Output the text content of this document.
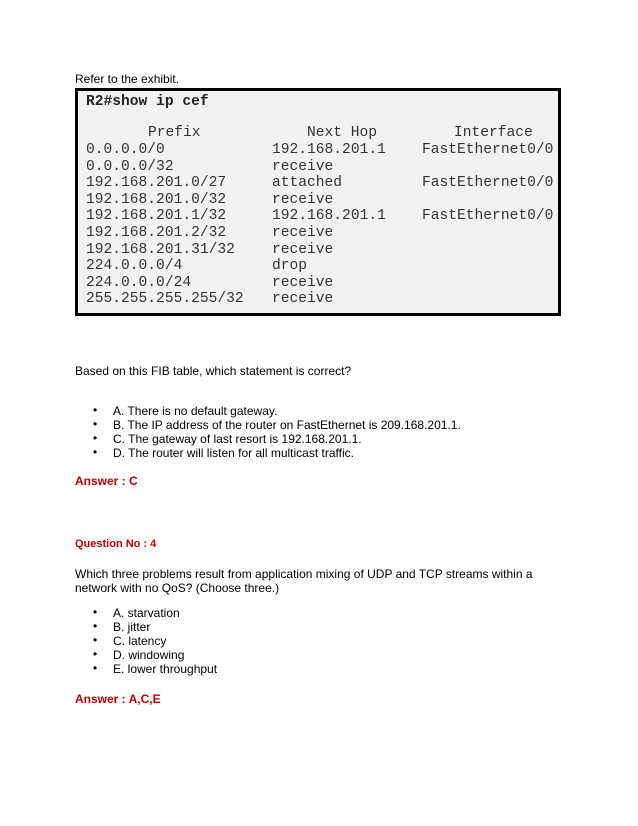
Refer to the exhibit.
R2#show ip cef
Prefix	Next Hop	Interface
0.0.0.0/0	192.168.201.1 FastEthernet0/0
0.0.0.0/32	receive
192.168.201.0/27	attached	FastEthernet0/0
192.168.201.0/32	receive
192.168.201.1/32	192.168.201.1 FastEthernet0/0
192.168.201.2/32	receive
192.168.201.31/32	receive
224.0.0.0/4	drop
224.0.0.0/24	receive
255.255.255.255/32 receive
Based on this FIB table, which statement is correct?
• A. There is no default gateway.
• B. The IP address of the router on FastEthernet is 209.168.201.1.
• C. The gateway of last resort is 192.168.201.1.
• D. The router will listen for all multicast traffic.
Answer : C
Question No : 4
Which three problems result from application mixing of UDP and TCP streams within a
network with no QoS? (Choose three.)
• A. starvation
• B. jitter
• C. latency
• D. windowing
• E. lower throughput
Answer : A,C,E
